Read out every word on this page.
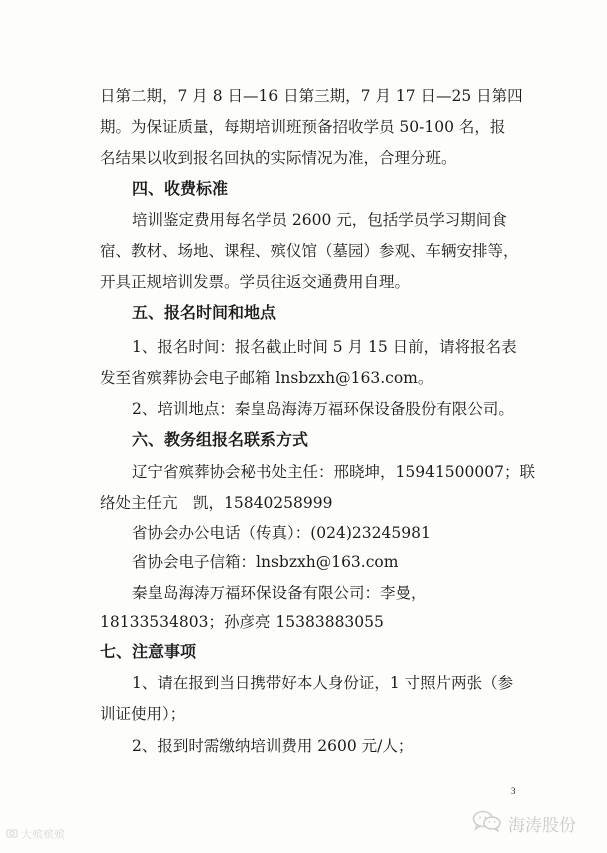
日第二期，7 月 8 日—16 日第三期，7 月 17 日—25 日第四
期。为保证质量，每期培训班预备招收学员 50-100 名，报
名结果以收到报名回执的实际情况为准，合理分班。
四、收费标准
培训鉴定费用每名学员 2600 元，包括学员学习期间食
宿、教材、场地、课程、殡仪馆（墓园）参观、车辆安排等，
开具正规培训发票。学员往返交通费用自理。
五、报名时间和地点
1、报名时间：报名截止时间 5 月 15 日前，请将报名表
发至省殡葬协会电子邮箱 lnsbzxh@163.com。
2、培训地点：秦皇岛海涛万福环保设备股份有限公司。
六、教务组报名联系方式
辽宁省殡葬协会秘书处主任：邢晓坤，15941500007；联
络处主任亢　凯，15840258999
省协会办公电话（传真）：(024)23245981
省协会电子信箱：lnsbzxh@163.com
秦皇岛海涛万福环保设备有限公司：李曼，
18133534803；孙彦亮 15383883055
七、注意事项
1、请在报到当日携带好本人身份证，1 寸照片两张（参
训证使用）；
2、报到时需缴纳培训费用 2600 元/人；
3
大殡殡殡	海涛股份
